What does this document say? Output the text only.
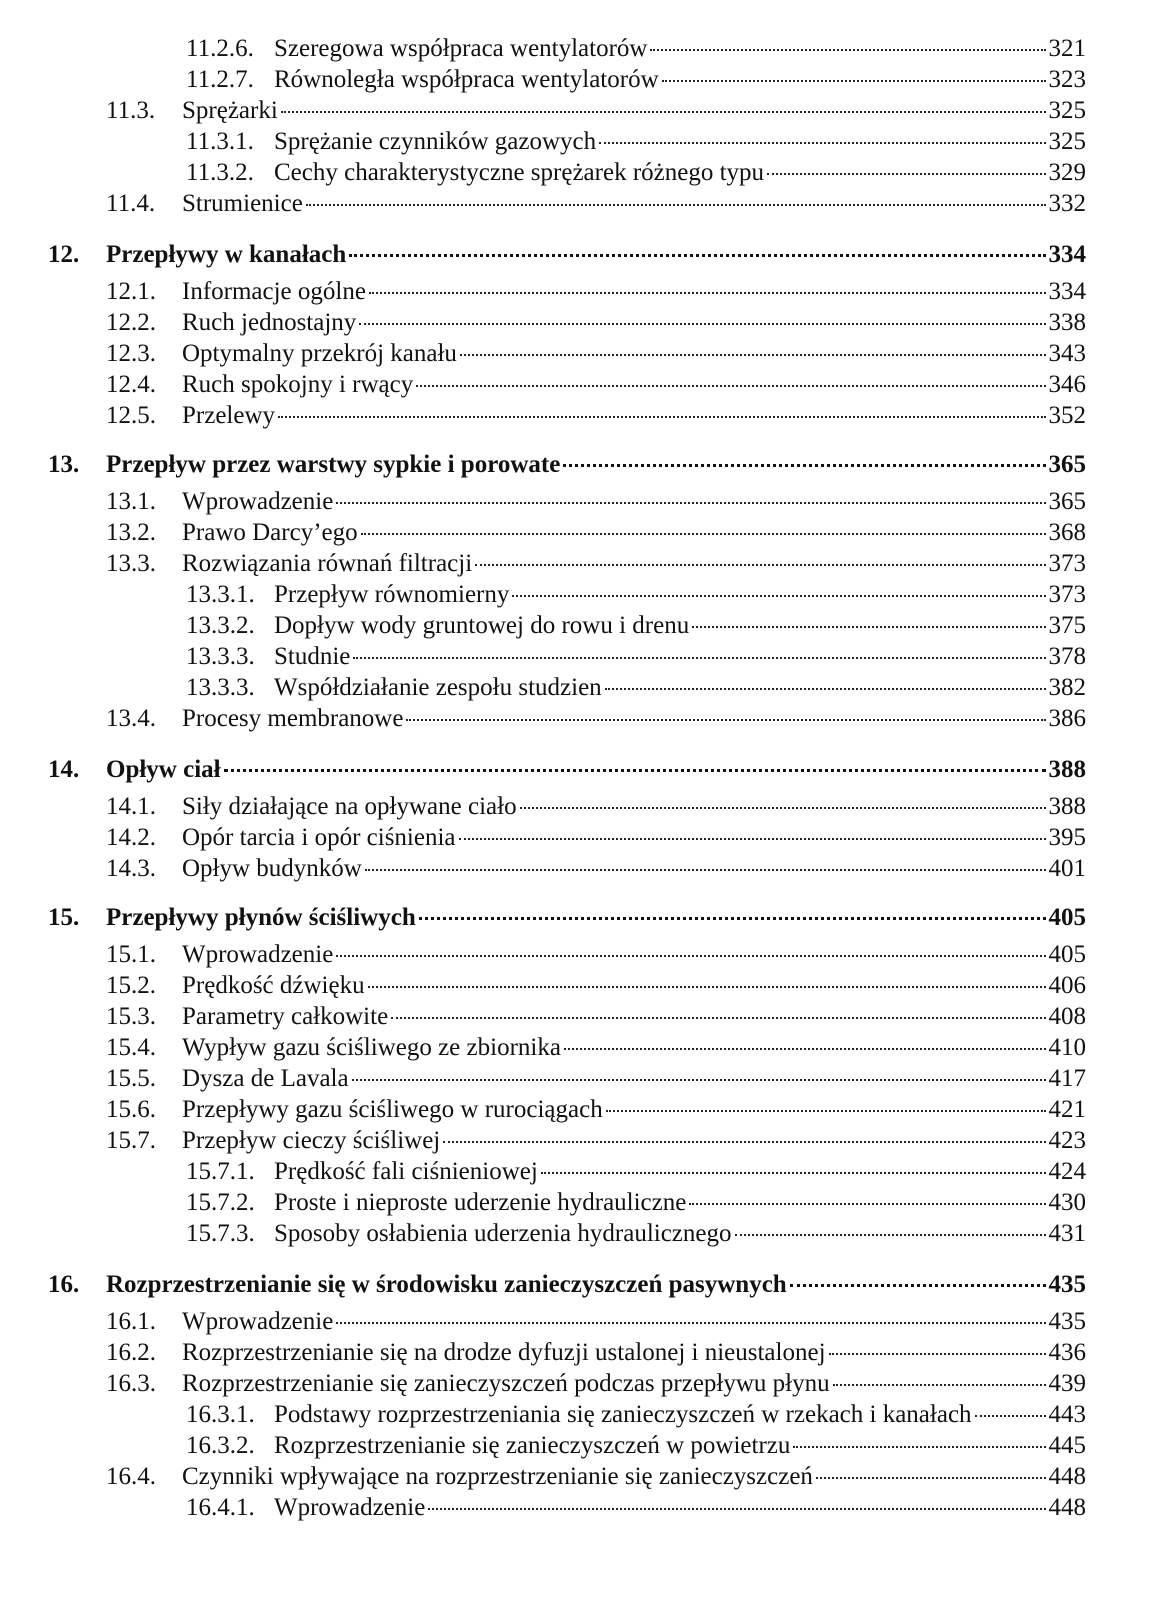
11.2.6. Szeregowa współpraca wentylatorów	321
11.2.7. Równoległa współpraca wentylatorów	323
11.3.	Sprężarki	325
11.3.1. Sprężanie czynników gazowych	325
11.3.2. Cechy charakterystyczne sprężarek różnego typu	329
11.4.	Strumienice	332
12.	Przepływy w kanałach	334
12.1.	Informacje ogólne	334
12.2.	Ruch jednostajny	338
12.3.	Optymalny przekrój kanału	343
12.4.	Ruch spokojny i rwący	346
12.5.	Przelewy	352
13.	Przepływ przez warstwy sypkie i porowate	365
13.1.	Wprowadzenie	365
13.2.	Prawo Darcy’ego	368
13.3.	Rozwiązania równań filtracji	373
13.3.1. Przepływ równomierny	373
13.3.2. Dopływ wody gruntowej do rowu i drenu	375
13.3.3. Studnie	378
13.3.3. Współdziałanie zespołu studzien	382
13.4.	Procesy membranowe	386
14.	Opływ ciał	388
14.1.	Siły działające na opływane ciało	388
14.2.	Opór tarcia i opór ciśnienia	395
14.3.	Opływ budynków	401
15.	Przepływy płynów ściśliwych	405
15.1.	Wprowadzenie	405
15.2.	Prędkość dźwięku	406
15.3.	Parametry całkowite	408
15.4.	Wypływ gazu ściśliwego ze zbiornika	410
15.5.	Dysza de Lavala	417
15.6.	Przepływy gazu ściśliwego w rurociągach	421
15.7.	Przepływ cieczy ściśliwej	423
15.7.1. Prędkość fali ciśnieniowej	424
15.7.2. Proste i nieproste uderzenie hydrauliczne	430
15.7.3. Sposoby osłabienia uderzenia hydraulicznego	431
16.	Rozprzestrzenianie się w środowisku zanieczyszczeń pasywnych	435
16.1.	Wprowadzenie	435
16.2.	Rozprzestrzenianie się na drodze dyfuzji ustalonej i nieustalonej	436
16.3.	Rozprzestrzenianie się zanieczyszczeń podczas przepływu płynu	439
16.3.1. Podstawy rozprzestrzeniania się zanieczyszczeń w rzekach i kanałach	443
16.3.2. Rozprzestrzenianie się zanieczyszczeń w powietrzu	445
16.4.	Czynniki wpływające na rozprzestrzenianie się zanieczyszczeń	448
16.4.1. Wprowadzenie	448
